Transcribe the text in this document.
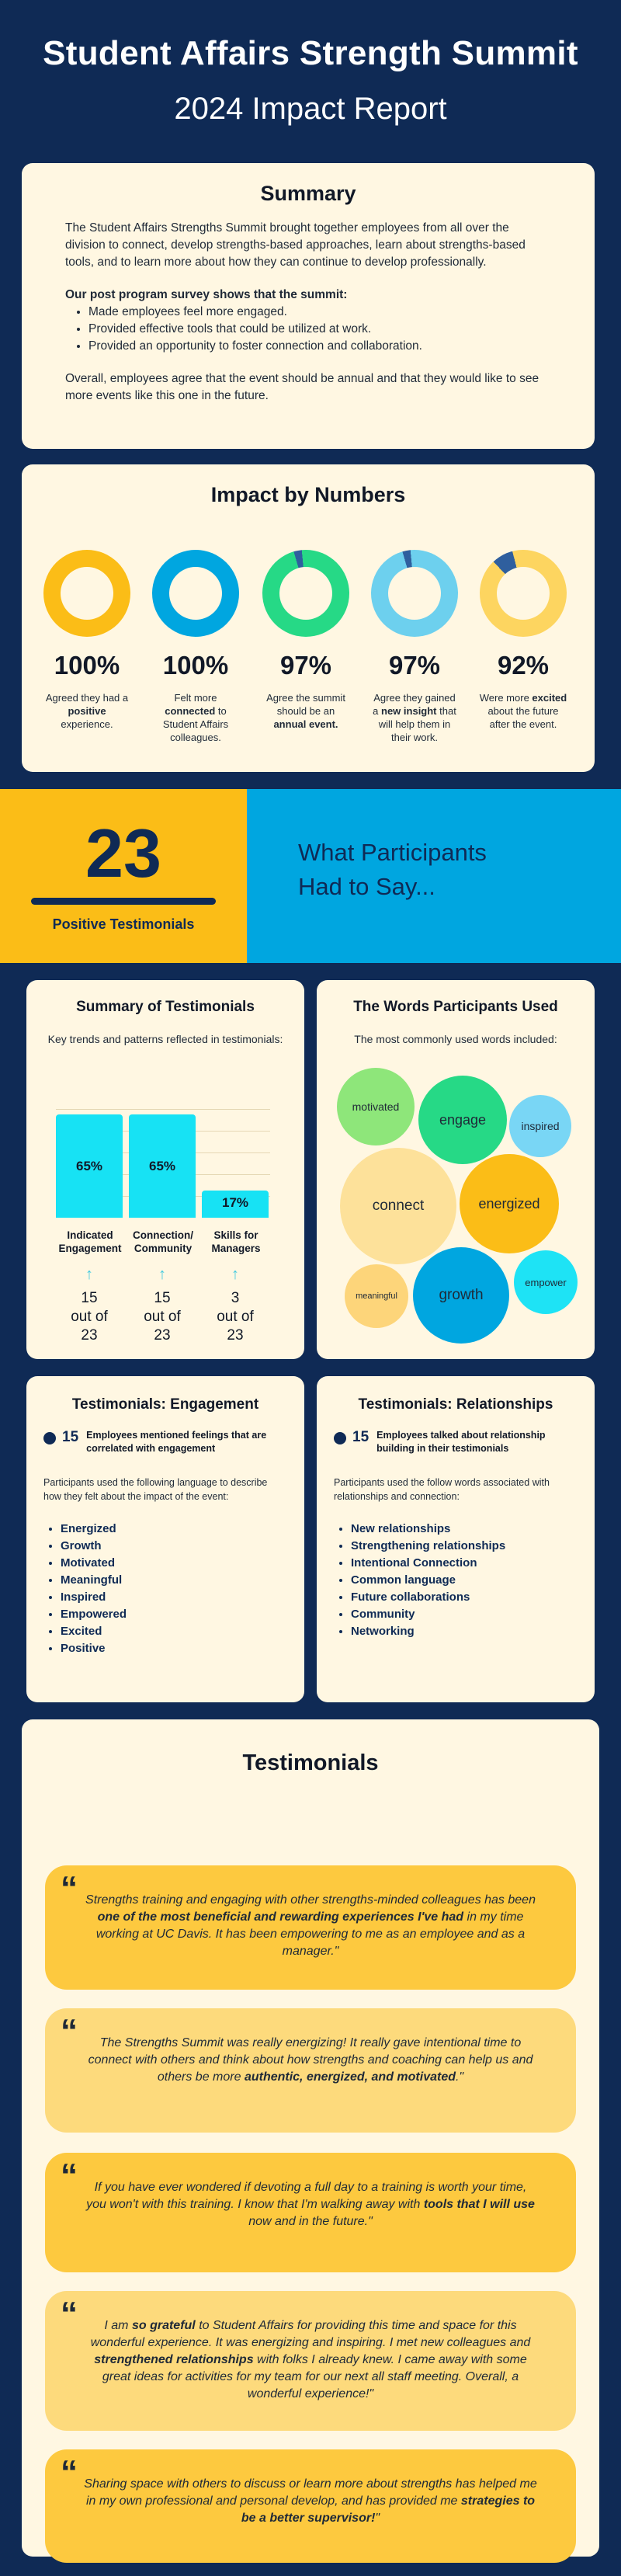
Student Affairs Strength Summit
2024 Impact Report
Summary

The Student Affairs Strengths Summit brought together employees from all over the division to connect, develop strengths-based approaches, learn about strengths-based tools, and to learn more about how they can continue to develop professionally.

Our post program survey shows that the summit:

• Made employees feel more engaged.
• Provided effective tools that could be utilized at work.
• Provided an opportunity to foster connection and collaboration.

Overall, employees agree that the event should be annual and that they would like to see more events like this one in the future.

Impact by Numbers
100%
Agreed they had a positive experience.
100%
Felt more connected to Student Affairs colleagues.
97%
Agree the summit should be an annual event.
97%
Agree they gained a new insight that will help them in their work.
92%
Were more excited about the future after the event.
23
Positive Testimonials
What Participants
Had to Say...
Summary of Testimonials
Key trends and patterns reflected in testimonials:
65%
Indicated Engagement
↑
15
out of
23
65%
Connection/ Community
↑
15
out of
23
17%
Skills for Managers
↑
3
out of
23
The Words Participants Used
The most commonly used words included:
motivated
engage	inspired
connect	energized
meaningful	growth
empower
Testimonials: Engagement
15 Employees mentioned feelings that are correlated with engagement

Participants used the following language to describe how they felt about the impact of the event:

• Energized
• Growth
• Motivated
• Meaningful
• Inspired
• Empowered
• Excited
• Positive
Testimonials: Relationships
15 Employees talked about relationship building in their testimonials

Participants used the follow words associated with relationships and connection:

• New relationships
• Strengthening relationships
• Intentional Connection
• Common language
• Future collaborations
• Community
• Networking
Testimonials
“ Strengths training and engaging with other strengths-minded colleagues has been one of the most beneficial and rewarding experiences I've had in my time working at UC Davis. It has been empowering to me as an employee and as a manager."
“ The Strengths Summit was really energizing! It really gave intentional time to connect with others and think about how strengths and coaching can help us and others be more authentic, energized, and motivated."
“ If you have ever wondered if devoting a full day to a training is worth your time, you won't with this training. I know that I'm walking away with tools that I will use now and in the future."
“ I am so grateful to Student Affairs for providing this time and space for this wonderful experience. It was energizing and inspiring. I met new colleagues and strengthened relationships with folks I already knew. I came away with some great ideas for activities for my team for our next all staff meeting. Overall, a wonderful experience!"
“ Sharing space with others to discuss or learn more about strengths has helped me in my own professional and personal develop, and has provided me strategies to be a better supervisor!"
